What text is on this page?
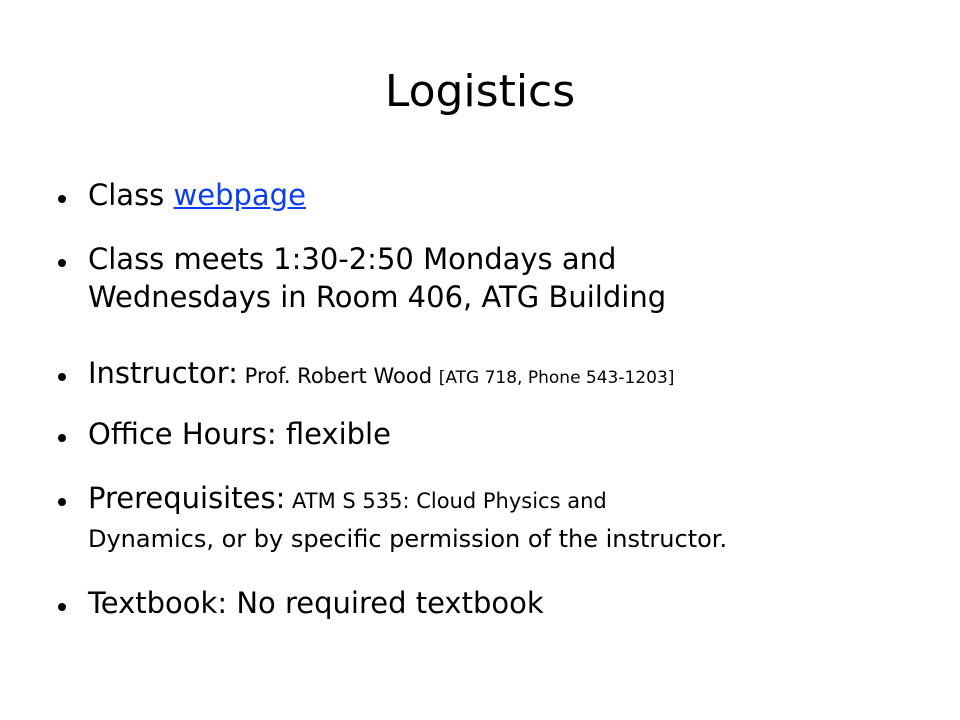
Logistics
Class webpage
Class meets 1:30-2:50 Mondays and
Wednesdays in Room 406, ATG Building
Instructor: Prof. Robert Wood [ATG 718, Phone 543-1203]
Office Hours: flexible
Prerequisites: ATM S 535: Cloud Physics and
Dynamics, or by specific permission of the instructor.
Textbook: No required textbook
